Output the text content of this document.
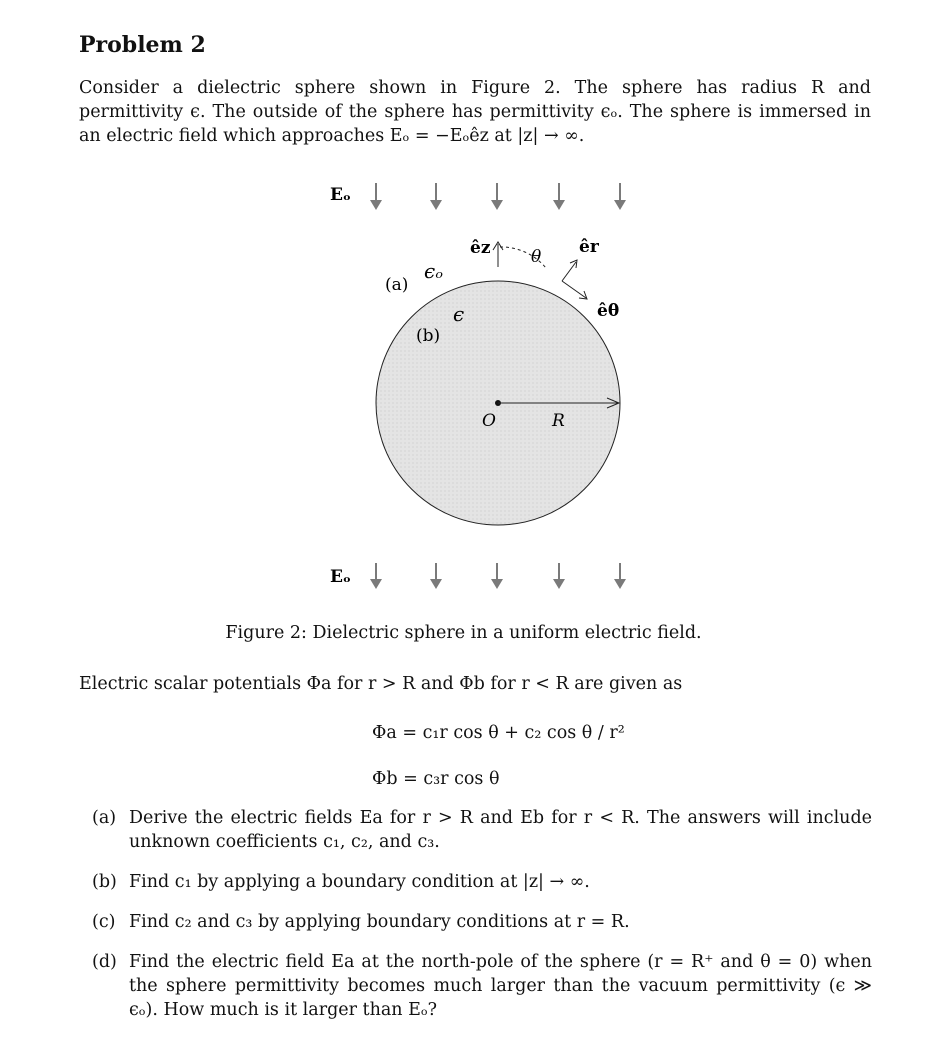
Problem 2

Consider a dielectric sphere shown in Figure 2. The sphere has radius R and permittivity ϵ. The outside of the sphere has permittivity ϵₒ. The sphere is immersed in an electric field which approaches Eₒ = −Eₒêz at |z| → ∞.

Eₒ
êz θ êr
êθ
(a)
ϵₒ
ϵ
(b)
O	R
Eₒ

Figure 2: Dielectric sphere in a uniform electric field.

Electric scalar potentials Φa for r > R and Φb for r < R are given as

Φa = c₁r cos θ + c₂ cos θ / r²
Φb = c₃r cos θ
(a) Derive the electric fields Ea for r > R and Eb for r < R. The answers will include unknown coefficients c₁, c₂, and c₃.
(b) Find c₁ by applying a boundary condition at |z| → ∞.
(c) Find c₂ and c₃ by applying boundary conditions at r = R.
(d) Find the electric field Ea at the north-pole of the sphere (r = R⁺ and θ = 0) when the sphere permittivity becomes much larger than the vacuum permittivity (ϵ ≫ ϵₒ). How much is it larger than Eₒ?
